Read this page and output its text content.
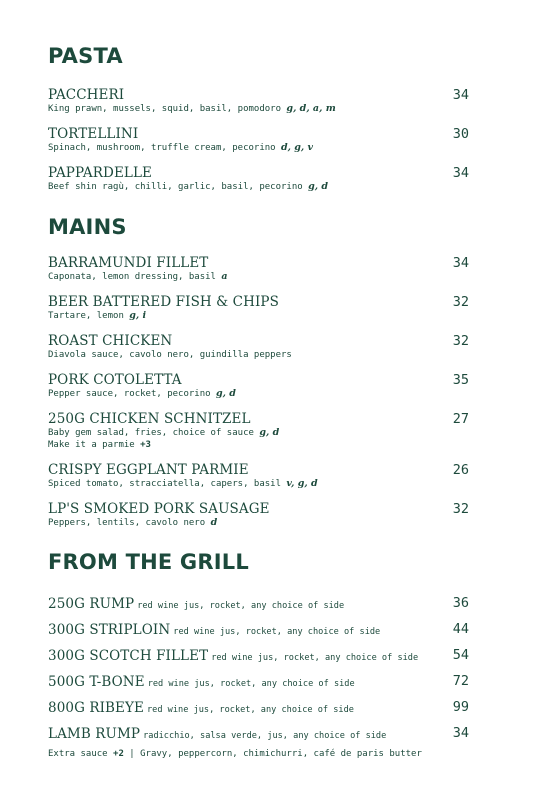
PASTA
PACCHERI	34
King prawn, mussels, squid, basil, pomodoro g, d, a, m
TORTELLINI	30
Spinach, mushroom, truffle cream, pecorino d, g, v
PAPPARDELLE	34
Beef shin ragù, chilli, garlic, basil, pecorino g, d
MAINS
BARRAMUNDI FILLET	34
Caponata, lemon dressing, basil a
BEER BATTERED FISH & CHIPS	32
Tartare, lemon g, i
ROAST CHICKEN	32
Diavola sauce, cavolo nero, guindilla peppers
PORK COTOLETTA	35
Pepper sauce, rocket, pecorino g, d
250G CHICKEN SCHNITZEL	27
Baby gem salad, fries, choice of sauce g, d
Make it a parmie +3
CRISPY EGGPLANT PARMIE	26
Spiced tomato, stracciatella, capers, basil v, g, d
LP'S SMOKED PORK SAUSAGE	32
Peppers, lentils, cavolo nero d
FROM THE GRILL
250G RUMP red wine jus, rocket, any choice of side	36
300G STRIPLOIN red wine jus, rocket, any choice of side	44
300G SCOTCH FILLET red wine jus, rocket, any choice of side	54
500G T-BONE red wine jus, rocket, any choice of side	72
800G RIBEYE red wine jus, rocket, any choice of side	99
LAMB RUMP radicchio, salsa verde, jus, any choice of side	34
Extra sauce +2 | Gravy, peppercorn, chimichurri, café de paris butter
